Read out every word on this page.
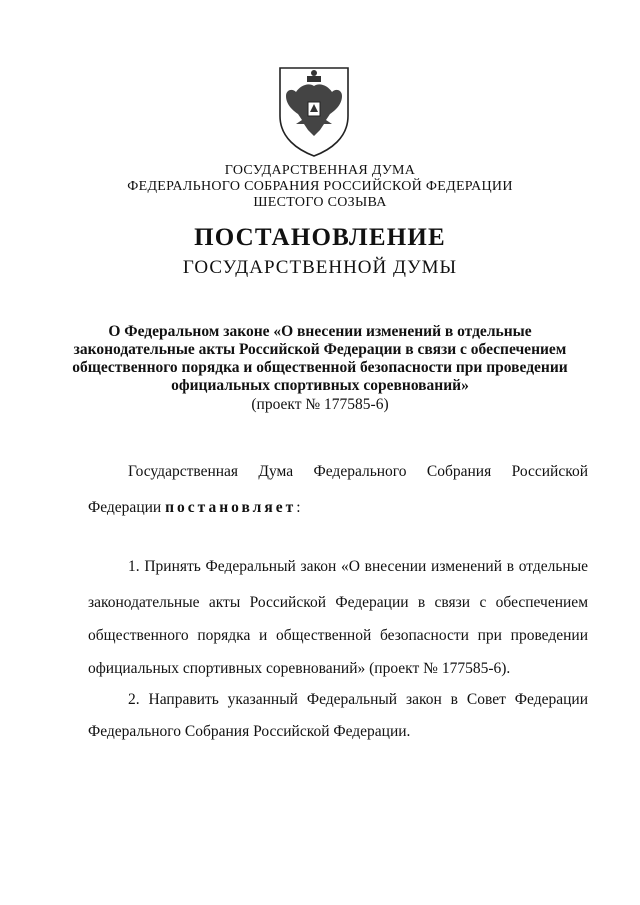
ГОСУДАРСТВЕННАЯ ДУМА
ФЕДЕРАЛЬНОГО СОБРАНИЯ РОССИЙСКОЙ ФЕДЕРАЦИИ
ШЕСТОГО СОЗЫВА
ПОСТАНОВЛЕНИЕ
ГОСУДАРСТВЕННОЙ ДУМЫ
О Федеральном законе «О внесении изменений в отдельные
законодательные акты Российской Федерации в связи с обеспечением
общественного порядка и общественной безопасности при проведении
официальных спортивных соревнований»
(проект № 177585-6)
Государственная Дума Федерального Собрания Российской
Федерации постановляет:
1. Принять Федеральный закон «О внесении изменений в отдельные
законодательные акты Российской Федерации в связи с обеспечением
общественного порядка и общественной безопасности при проведении
официальных спортивных соревнований» (проект № 177585-6).
2. Направить указанный Федеральный закон в Совет Федерации
Федерального Собрания Российской Федерации.
